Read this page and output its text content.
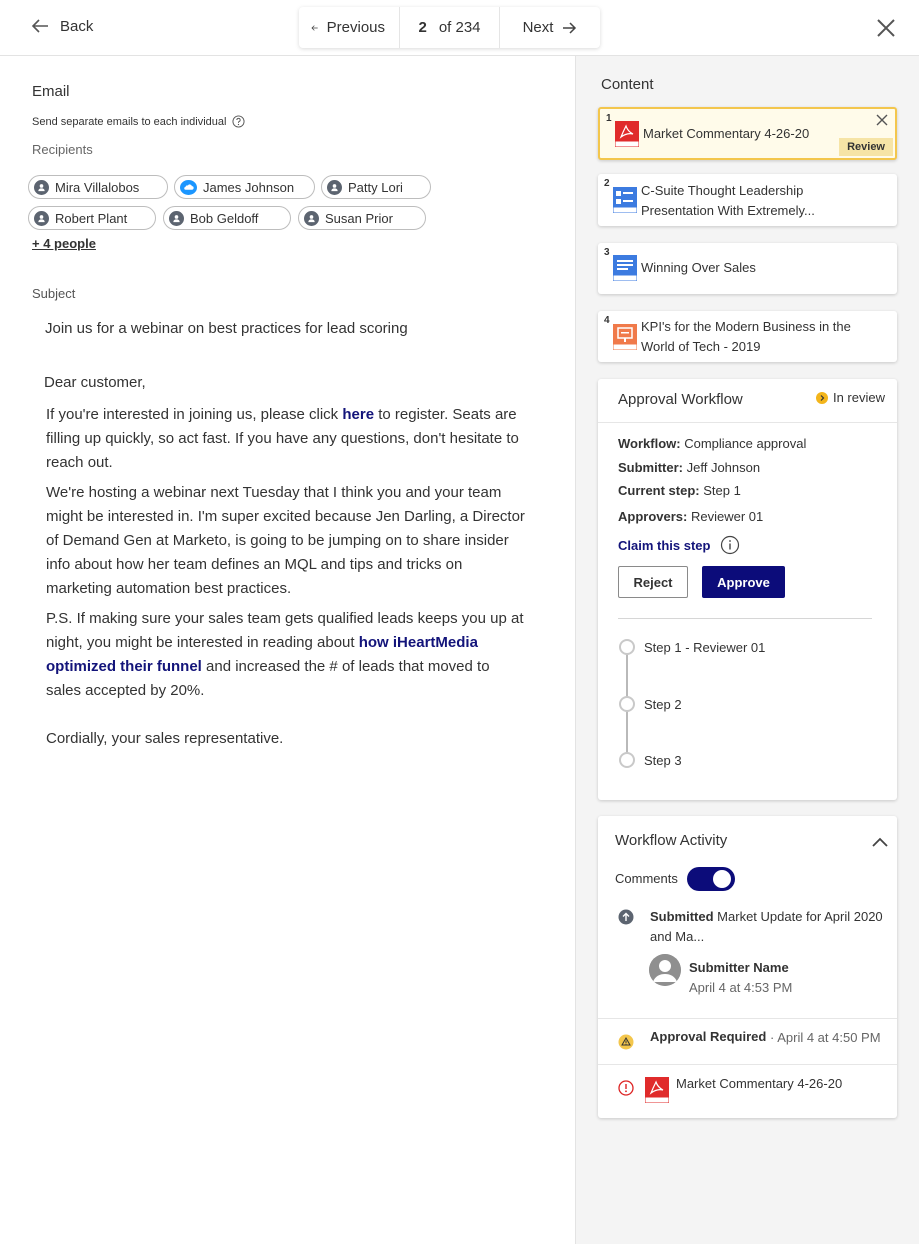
Back	Previous 2 of 234	Next
Email
Send separate emails to each individual
Recipients
Mira Villalobos	James Johnson	Patty Lori
Robert Plant	Bob Geldoff	Susan Prior
+ 4 people
Subject
Join us for a webinar on best practices for lead scoring
Dear customer,
If you're interested in joining us, please click here to register. Seats are filling up quickly, so act fast. If you have any questions, don't hesitate to reach out.
We're hosting a webinar next Tuesday that I think you and your team might be interested in. I'm super excited because Jen Darling, a Director of Demand Gen at Marketo, is going to be jumping on to share insider info about how her team defines an MQL and tips and tricks on marketing automation best practices.
P.S. If making sure your sales team gets qualified leads keeps you up at night, you might be interested in reading about how iHeartMedia optimized their funnel and increased the # of leads that moved to sales accepted by 20%.
Cordially, your sales representative.
Content
1
Market Commentary 4-26-20
Review
2 C-Suite Thought Leadership Presentation With Extremely...
3
Winning Over Sales
4 KPI's for the Modern Business in the World of Tech - 2019
Approval Workflow	In review
Workflow: Compliance approval
Submitter: Jeff Johnson
Current step: Step 1
Approvers: Reviewer 01
Claim this step
Reject	Approve
Step 1 - Reviewer 01
Step 2
Step 3
Workflow Activity
Comments
Submitted Market Update for April 2020 and Ma...
Submitter Name
April 4 at 4:53 PM
Approval Required · April 4 at 4:50 PM
Market Commentary 4-26-20
